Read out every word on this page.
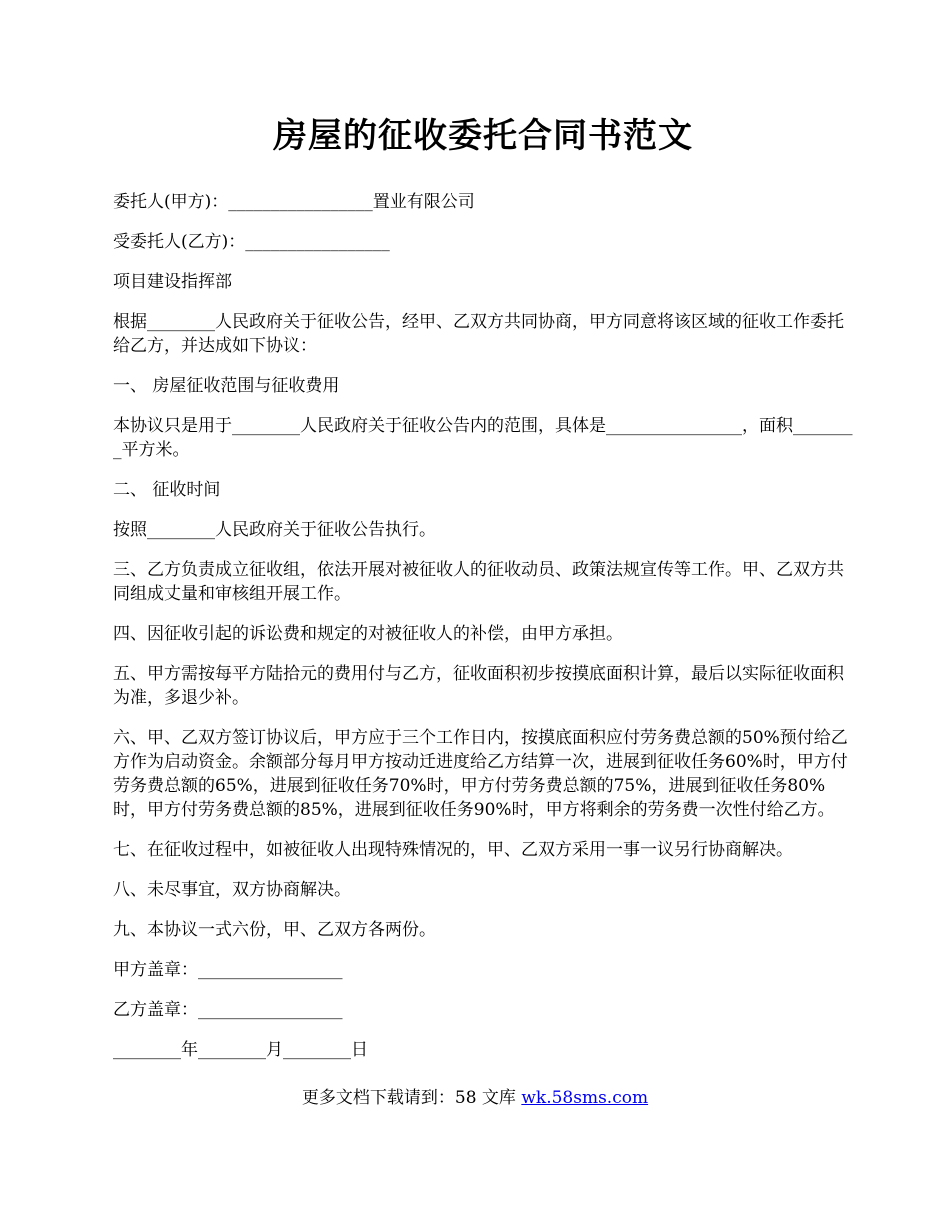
房屋的征收委托合同书范文

委托人(甲方)：_________________置业有限公司

受委托人(乙方)：_________________

项目建设指挥部

根据________人民政府关于征收公告，经甲、乙双方共同协商，甲方同意将该区域的征收工作委托给乙方，并达成如下协议：

一、 房屋征收范围与征收费用

本协议只是用于________人民政府关于征收公告内的范围，具体是________________，面积________平方米。

二、 征收时间

按照________人民政府关于征收公告执行。

三、乙方负责成立征收组，依法开展对被征收人的征收动员、政策法规宣传等工作。甲、乙双方共同组成丈量和审核组开展工作。

四、因征收引起的诉讼费和规定的对被征收人的补偿，由甲方承担。

五、甲方需按每平方陆拾元的费用付与乙方，征收面积初步按摸底面积计算，最后以实际征收面积为准，多退少补。

六、甲、乙双方签订协议后，甲方应于三个工作日内，按摸底面积应付劳务费总额的50%预付给乙方作为启动资金。余额部分每月甲方按动迁进度给乙方结算一次，进展到征收任务60%时，甲方付劳务费总额的65%，进展到征收任务70%时，甲方付劳务费总额的75%，进展到征收任务80%时，甲方付劳务费总额的85%，进展到征收任务90%时，甲方将剩余的劳务费一次性付给乙方。

七、在征收过程中，如被征收人出现特殊情况的，甲、乙双方采用一事一议另行协商解决。

八、未尽事宜，双方协商解决。

九、本协议一式六份，甲、乙双方各两份。

甲方盖章：_________________

乙方盖章：_________________

________年________月________日

更多文档下载请到：58 文库 wk.58sms.com
